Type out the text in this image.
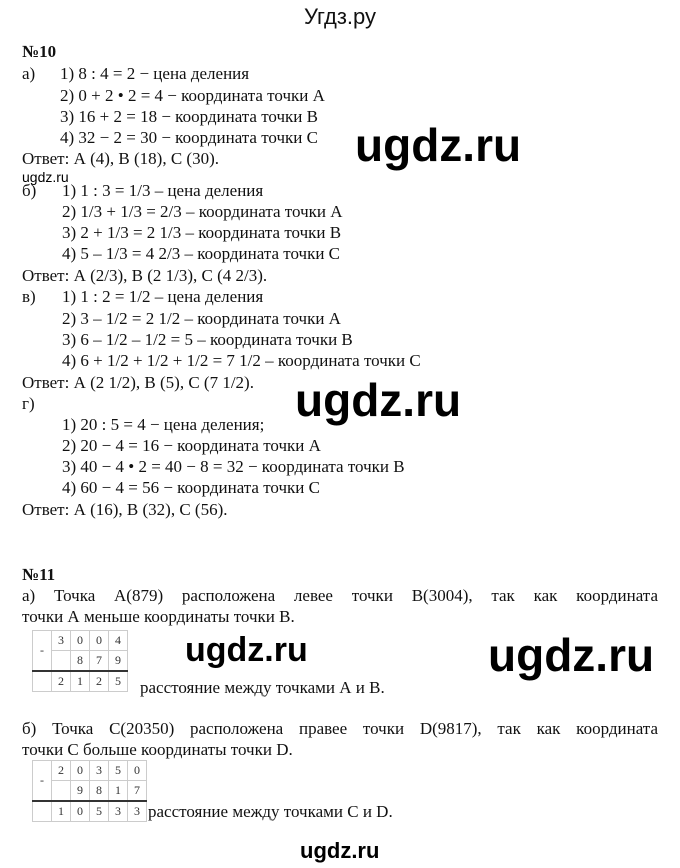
Угдз.ру
№10
а) 1) 8 : 4 = 2 − цена деления
2) 0 + 2 • 2 = 4 − координата точки А
3) 16 + 2 = 18 − координата точки В
4) 32 − 2 = 30 − координата точки С
Ответ: А (4), В (18), С (30).
ugdz.ru
б) 1) 1 : 3 = 1/3 – цена деления
2) 1/3 + 1/3 = 2/3 – координата точки А
3) 2 + 1/3 = 2 1/3 – координата точки В
4) 5 – 1/3 = 4 2/3 – координата точки С
Ответ: А (2/3), В (2 1/3), С (4 2/3).
в) 1) 1 : 2 = 1/2 – цена деления
2) 3 – 1/2 = 2 1/2 – координата точки А
3) 6 – 1/2 – 1/2 = 5 – координата точки В
4) 6 + 1/2 + 1/2 + 1/2 = 7 1/2 – координата точки С
Ответ: А (2 1/2), В (5), С (7 1/2).
г)
1) 20 : 5 = 4 − цена деления;
2) 20 − 4 = 16 − координата точки А
3) 40 − 4 • 2 = 40 − 8 = 32 − координата точки В
4) 60 − 4 = 56 − координата точки С
Ответ: А (16), В (32), С (56).
№11
а) Точка А(879) расположена левее точки В(3004), так как координата
точки А меньше координаты точки В.
-	3	0	0	4
		8	7	9
	2	1	2	5 расстояние между точками А и В.
б) Точка С(20350) расположена правее точки D(9817), так как координата
точки С больше координаты точки D.
-	2	0	3	5	0
		9	8	1	7
	1	0	5	3	3 расстояние между точками С и D.
ugdz.ru
ugdz.ru
ugdz.ru
ugdz.ru
ugdz.ru
